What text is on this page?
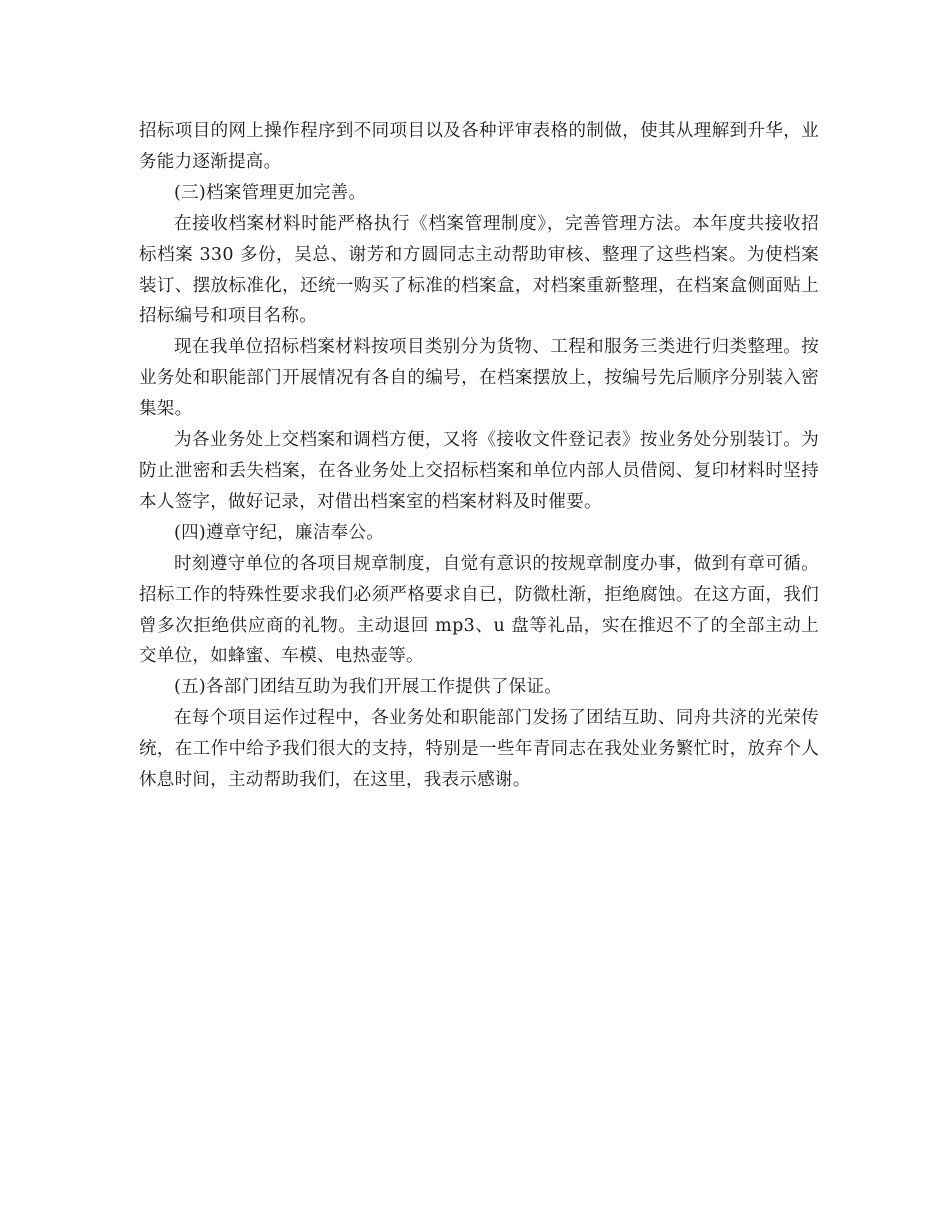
招标项目的网上操作程序到不同项目以及各种评审表格的制做，使其从理解到升华，业务能力逐渐提高。

(三)档案管理更加完善。

在接收档案材料时能严格执行《档案管理制度》，完善管理方法。本年度共接收招标档案 330 多份，吴总、谢芳和方圆同志主动帮助审核、整理了这些档案。为使档案装订、摆放标准化，还统一购买了标准的档案盒，对档案重新整理，在档案盒侧面贴上招标编号和项目名称。

现在我单位招标档案材料按项目类别分为货物、工程和服务三类进行归类整理。按业务处和职能部门开展情况有各自的编号，在档案摆放上，按编号先后顺序分别装入密集架。

为各业务处上交档案和调档方便，又将《接收文件登记表》按业务处分别装订。为防止泄密和丢失档案，在各业务处上交招标档案和单位内部人员借阅、复印材料时坚持本人签字，做好记录，对借出档案室的档案材料及时催要。

(四)遵章守纪，廉洁奉公。

时刻遵守单位的各项目规章制度，自觉有意识的按规章制度办事，做到有章可循。招标工作的特殊性要求我们必须严格要求自已，防微杜渐，拒绝腐蚀。在这方面，我们曾多次拒绝供应商的礼物。主动退回 mp3、u 盘等礼品，实在推迟不了的全部主动上交单位，如蜂蜜、车模、电热壶等。

(五)各部门团结互助为我们开展工作提供了保证。

在每个项目运作过程中，各业务处和职能部门发扬了团结互助、同舟共济的光荣传统，在工作中给予我们很大的支持，特别是一些年青同志在我处业务繁忙时，放弃个人休息时间，主动帮助我们，在这里，我表示感谢。
